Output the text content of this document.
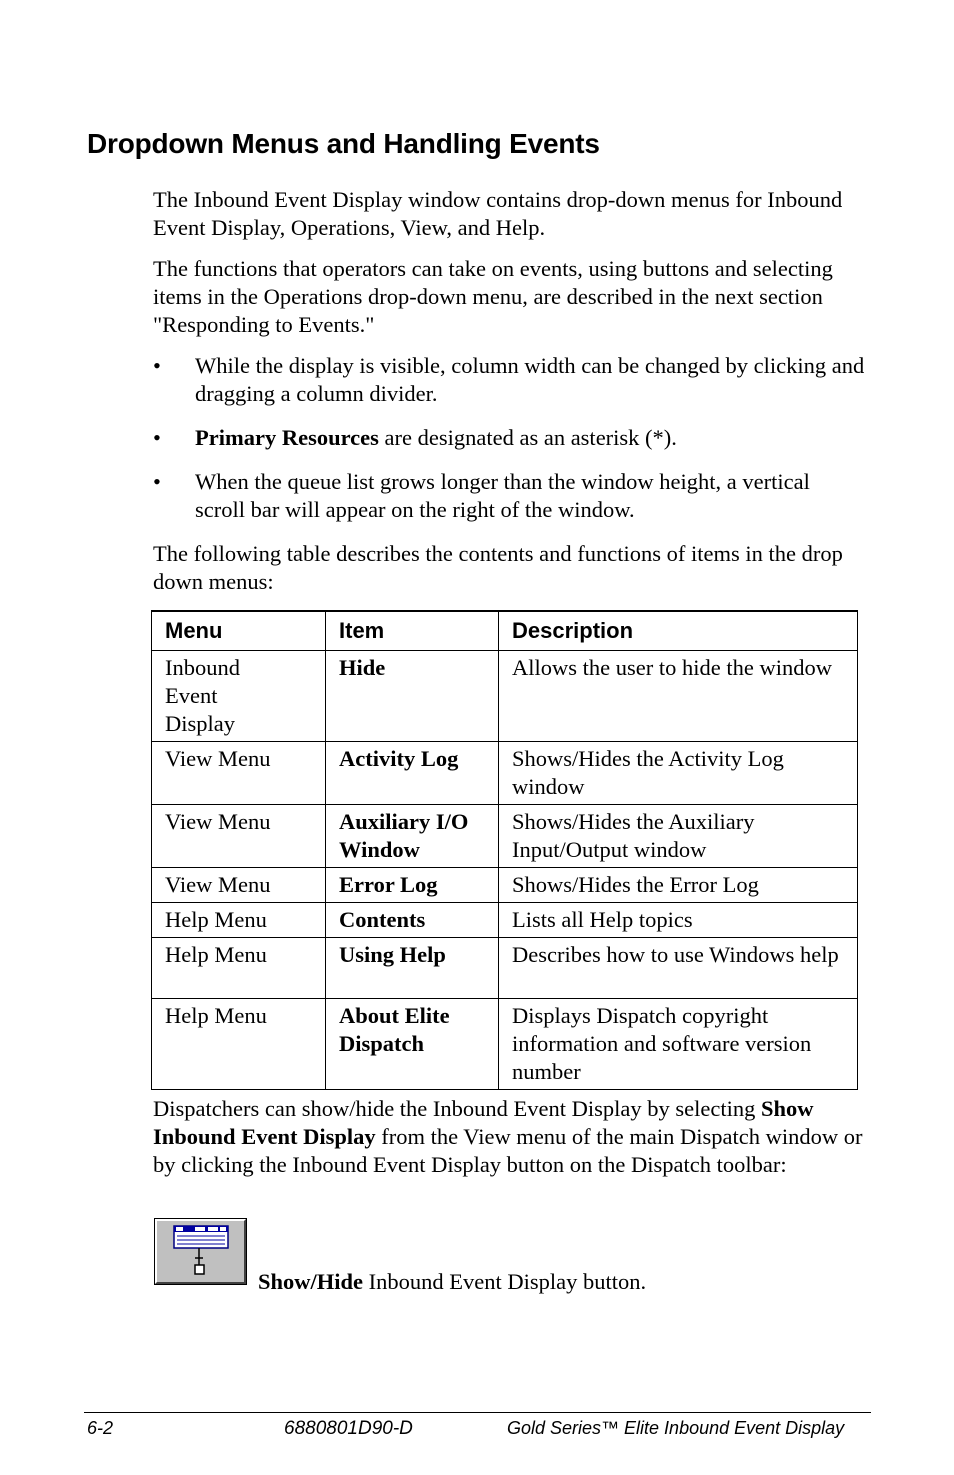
Dropdown Menus and Handling Events

The Inbound Event Display window contains drop-down menus for Inbound Event Display, Operations, View, and Help.

The functions that operators can take on events, using buttons and selecting items in the Operations drop-down menu, are described in the next section "Responding to Events."

•	While the display is visible, column width can be changed by clicking and dragging a column divider.
•	Primary Resources are designated as an asterisk (*).
•	When the queue list grows longer than the window height, a vertical scroll bar will appear on the right of the window.

The following table describes the contents and functions of items in the drop down menus:

Menu	Item	Description
Inbound Event Display	Hide	Allows the user to hide the window
View Menu	Activity Log	Shows/Hides the Activity Log window
View Menu	Auxiliary I/O Window	Shows/Hides the Auxiliary Input/Output window
View Menu	Error Log	Shows/Hides the Error Log
Help Menu	Contents	Lists all Help topics
Help Menu	Using Help	Describes how to use Windows help
Help Menu	About Elite Dispatch	Displays Dispatch copyright information and software version number

Dispatchers can show/hide the Inbound Event Display by selecting Show Inbound Event Display from the View menu of the main Dispatch window or by clicking the Inbound Event Display button on the Dispatch toolbar:

Show/Hide Inbound Event Display button.
6-2	6880801D90-D	Gold Series™ Elite Inbound Event Display
